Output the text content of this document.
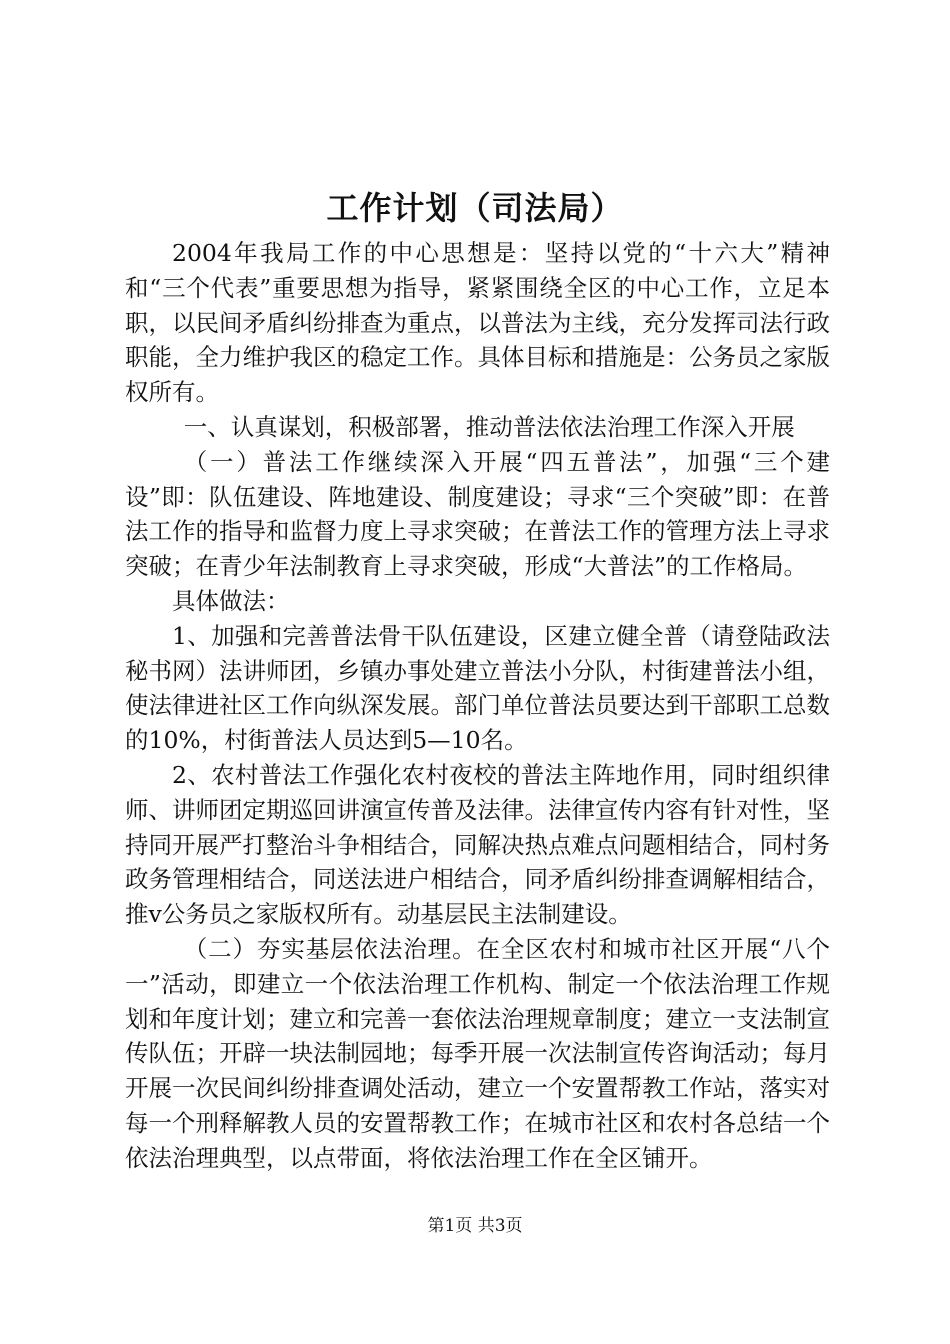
工作计划（司法局）

2004年我局工作的中心思想是：坚持以党的“十六大”精神和“三个代表”重要思想为指导，紧紧围绕全区的中心工作，立足本职，以民间矛盾纠纷排查为重点，以普法为主线，充分发挥司法行政职能，全力维护我区的稳定工作。具体目标和措施是：公务员之家版权所有。

一、认真谋划，积极部署，推动普法依法治理工作深入开展

（一）普法工作继续深入开展“四五普法”，加强“三个建设”即：队伍建设、阵地建设、制度建设；寻求“三个突破”即：在普法工作的指导和监督力度上寻求突破；在普法工作的管理方法上寻求突破；在青少年法制教育上寻求突破，形成“大普法”的工作格局。

具体做法：

1、加强和完善普法骨干队伍建设，区建立健全普（请登陆政法秘书网）法讲师团，乡镇办事处建立普法小分队，村街建普法小组，使法律进社区工作向纵深发展。部门单位普法员要达到干部职工总数的10%，村街普法人员达到5—10名。

2、农村普法工作强化农村夜校的普法主阵地作用，同时组织律师、讲师团定期巡回讲演宣传普及法律。法律宣传内容有针对性，坚持同开展严打整治斗争相结合，同解决热点难点问题相结合，同村务政务管理相结合，同送法进户相结合，同矛盾纠纷排查调解相结合，推v公务员之家版权所有。动基层民主法制建设。

（二）夯实基层依法治理。在全区农村和城市社区开展“八个一”活动，即建立一个依法治理工作机构、制定一个依法治理工作规划和年度计划；建立和完善一套依法治理规章制度；建立一支法制宣传队伍；开辟一块法制园地；每季开展一次法制宣传咨询活动；每月开展一次民间纠纷排查调处活动，建立一个安置帮教工作站，落实对每一个刑释解教人员的安置帮教工作；在城市社区和农村各总结一个依法治理典型，以点带面，将依法治理工作在全区铺开。

第1页 共3页
